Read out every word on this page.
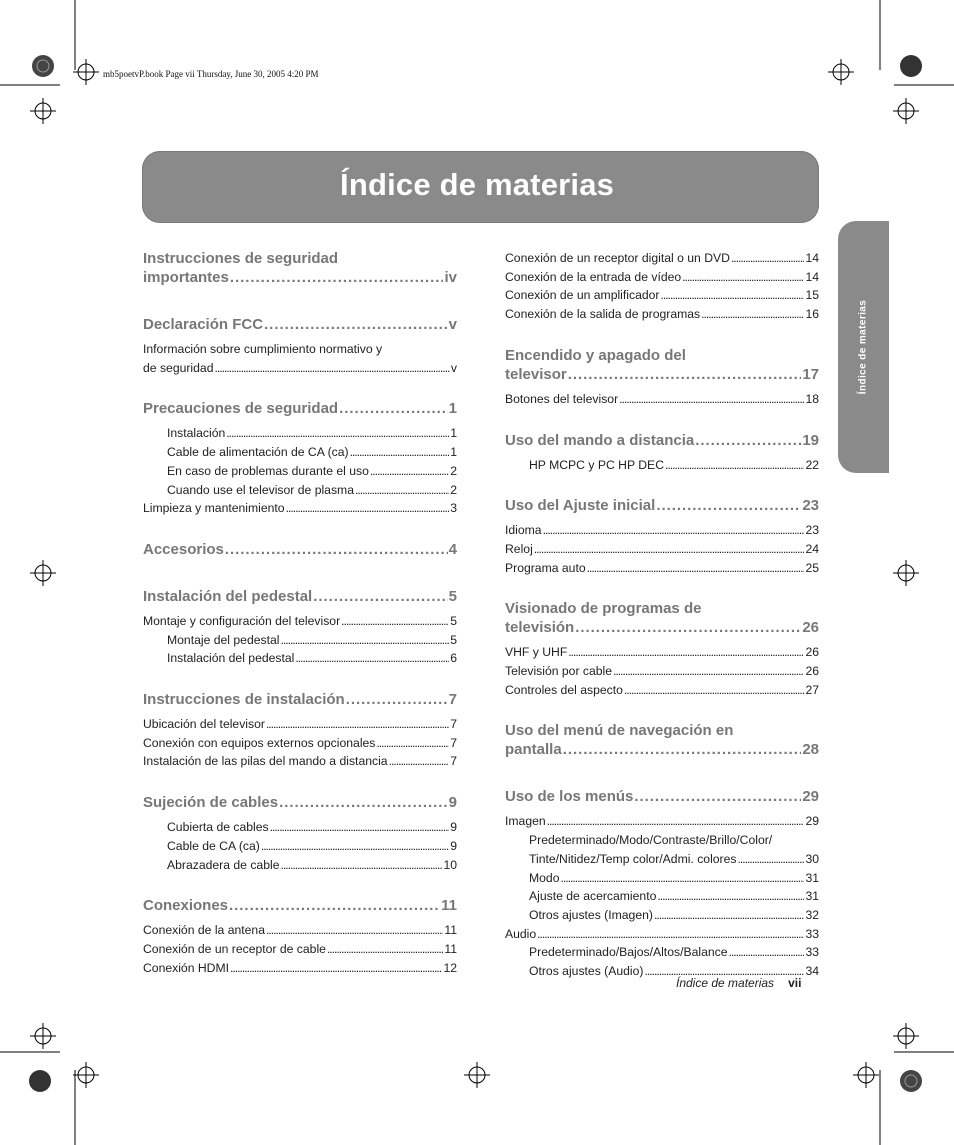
mb5poetvP.book Page vii Thursday, June 30, 2005 4:20 PM
Índice de materias
Índice de materias
Instrucciones de seguridad
importantes . . .	iv
Declaración FCC . . .	v
Información sobre cumplimiento normativo y
de seguridad . . .	v
Precauciones de seguridad . . .	1
Instalación . . .	1
Cable de alimentación de CA (ca) . . .	1
En caso de problemas durante el uso . . .	2
Cuando use el televisor de plasma . . .	2
Limpieza y mantenimiento . . .	3
Accesorios . . .	4
Instalación del pedestal . . .	5
Montaje y configuración del televisor . . .	5
Montaje del pedestal . . .	5
Instalación del pedestal . . .	6
Instrucciones de instalación . . .	7
Ubicación del televisor . . .	7
Conexión con equipos externos opcionales . . .	7
Instalación de las pilas del mando a distancia . . .	7
Sujeción de cables . . .	9
Cubierta de cables . . .	9
Cable de CA (ca) . . .	9
Abrazadera de cable . . .	10
Conexiones . . .	11
Conexión de la antena . . .	11
Conexión de un receptor de cable . . .	11
Conexión HDMI . . .	12
Conexión de un receptor digital o un DVD . . .	14
Conexión de la entrada de vídeo . . .	14
Conexión de un amplificador . . .	15
Conexión de la salida de programas . . .	16
Encendido y apagado del
televisor . . .	17
Botones del televisor . . .	18
Uso del mando a distancia . . .	19
HP MCPC y PC HP DEC . . .	22
Uso del Ajuste inicial . . .	23
Idioma . . .	23
Reloj . . .	24
Programa auto . . .	25
Visionado de programas de
televisión . . .	26
VHF y UHF . . .	26
Televisión por cable . . .	26
Controles del aspecto . . .	27
Uso del menú de navegación en
pantalla . . .	28
Uso de los menús . . .	29
Imagen . . .	29
Predeterminado/Modo/Contraste/Brillo/Color/
Tinte/Nitidez/Temp color/Admi. colores . . .	30
Modo . . .	31
Ajuste de acercamiento . . .	31
Otros ajustes (Imagen) . . .	32
Audio . . .	33
Predeterminado/Bajos/Altos/Balance . . .	33
Otros ajustes (Audio) . . .	34
Índice de materias vii
